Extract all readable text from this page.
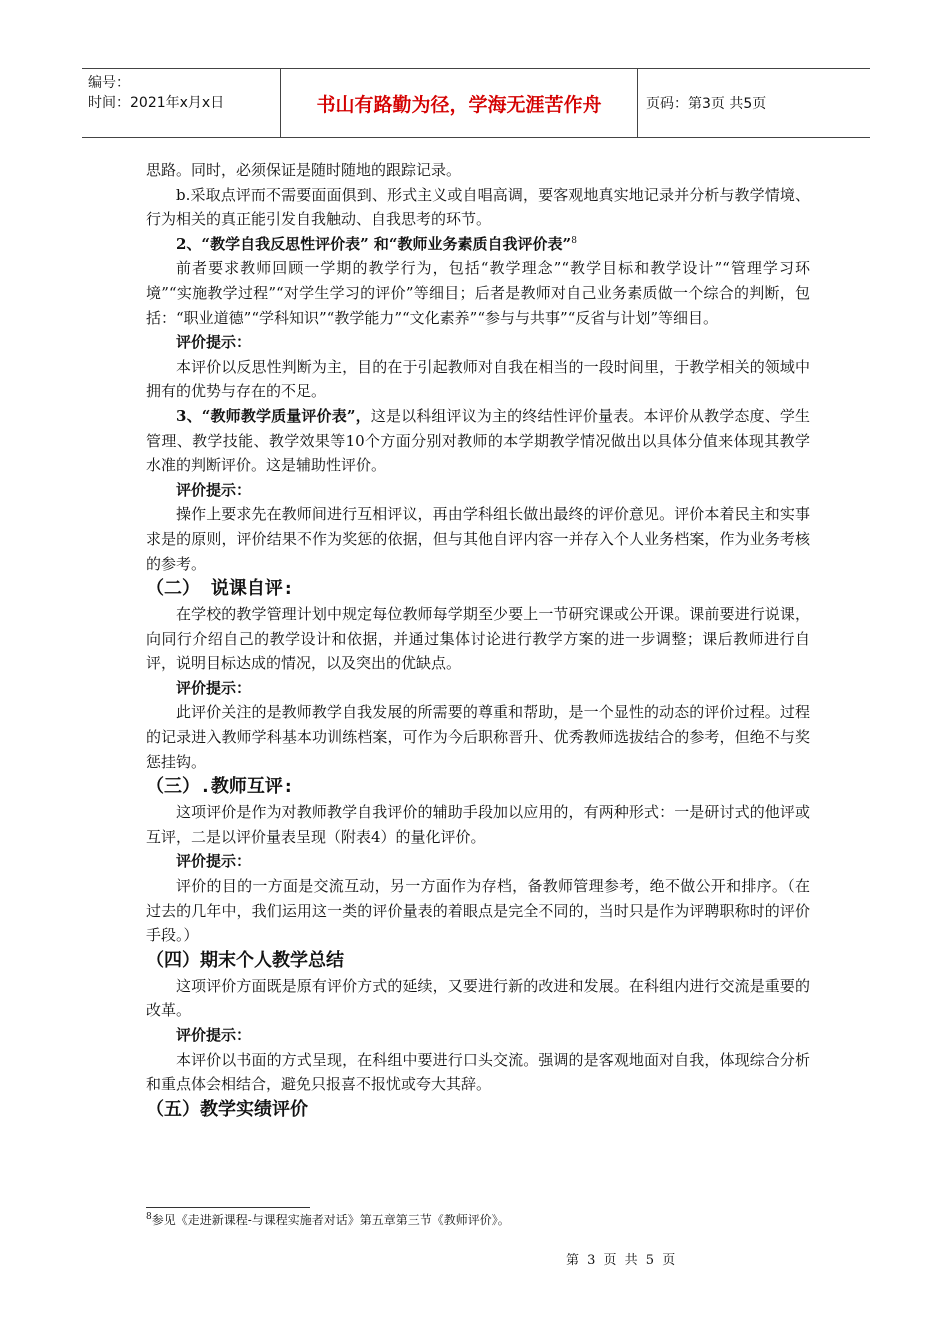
编号：
时间：2021年x月x日	书山有路勤为径，学海无涯苦作舟	页码：第3页 共5页

思路。同时，必须保证是随时随地的跟踪记录。

b.采取点评而不需要面面俱到、形式主义或自唱高调，要客观地真实地记录并分析与教学情境、行为相关的真正能引发自我触动、自我思考的环节。

2、“教学自我反思性评价表” 和“教师业务素质自我评价表”$^8$

前者要求教师回顾一学期的教学行为，包括“教学理念”“教学目标和教学设计”“管理学习环境”“实施教学过程”“对学生学习的评价”等细目；后者是教师对自己业务素质做一个综合的判断，包括：“职业道德”“学科知识”“教学能力”“文化素养”“参与与共事”“反省与计划”等细目。

评价提示：

本评价以反思性判断为主，目的在于引起教师对自我在相当的一段时间里，于教学相关的领域中拥有的优势与存在的不足。

3、“教师教学质量评价表”，这是以科组评议为主的终结性评价量表。本评价从教学态度、学生管理、教学技能、教学效果等10个方面分别对教师的本学期教学情况做出以具体分值来体现其教学水准的判断评价。这是辅助性评价。

评价提示：

操作上要求先在教师间进行互相评议，再由学科组长做出最终的评价意见。评价本着民主和实事求是的原则，评价结果不作为奖惩的依据，但与其他自评内容一并存入个人业务档案，作为业务考核的参考。

（二） 说课自评:

在学校的教学管理计划中规定每位教师每学期至少要上一节研究课或公开课。课前要进行说课，向同行介绍自己的教学设计和依据，并通过集体讨论进行教学方案的进一步调整；课后教师进行自评，说明目标达成的情况，以及突出的优缺点。

评价提示：

此评价关注的是教师教学自我发展的所需要的尊重和帮助，是一个显性的动态的评价过程。过程的记录进入教师学科基本功训练档案，可作为今后职称晋升、优秀教师选拔结合的参考，但绝不与奖惩挂钩。

（三）.教师互评:

这项评价是作为对教师教学自我评价的辅助手段加以应用的，有两种形式：一是研讨式的他评或互评，二是以评价量表呈现（附表4）的量化评价。

评价提示：

评价的目的一方面是交流互动，另一方面作为存档，备教师管理参考，绝不做公开和排序。（在过去的几年中，我们运用这一类的评价量表的着眼点是完全不同的，当时只是作为评聘职称时的评价手段。）

（四）期末个人教学总结

这项评价方面既是原有评价方式的延续，又要进行新的改进和发展。在科组内进行交流是重要的改革。

评价提示：

本评价以书面的方式呈现，在科组中要进行口头交流。强调的是客观地面对自我，体现综合分析和重点体会相结合，避免只报喜不报忧或夸大其辞。

（五）教学实绩评价

$^8$参见《走进新课程-与课程实施者对话》第五章第三节《教师评价》。
第 3 页 共 5 页
